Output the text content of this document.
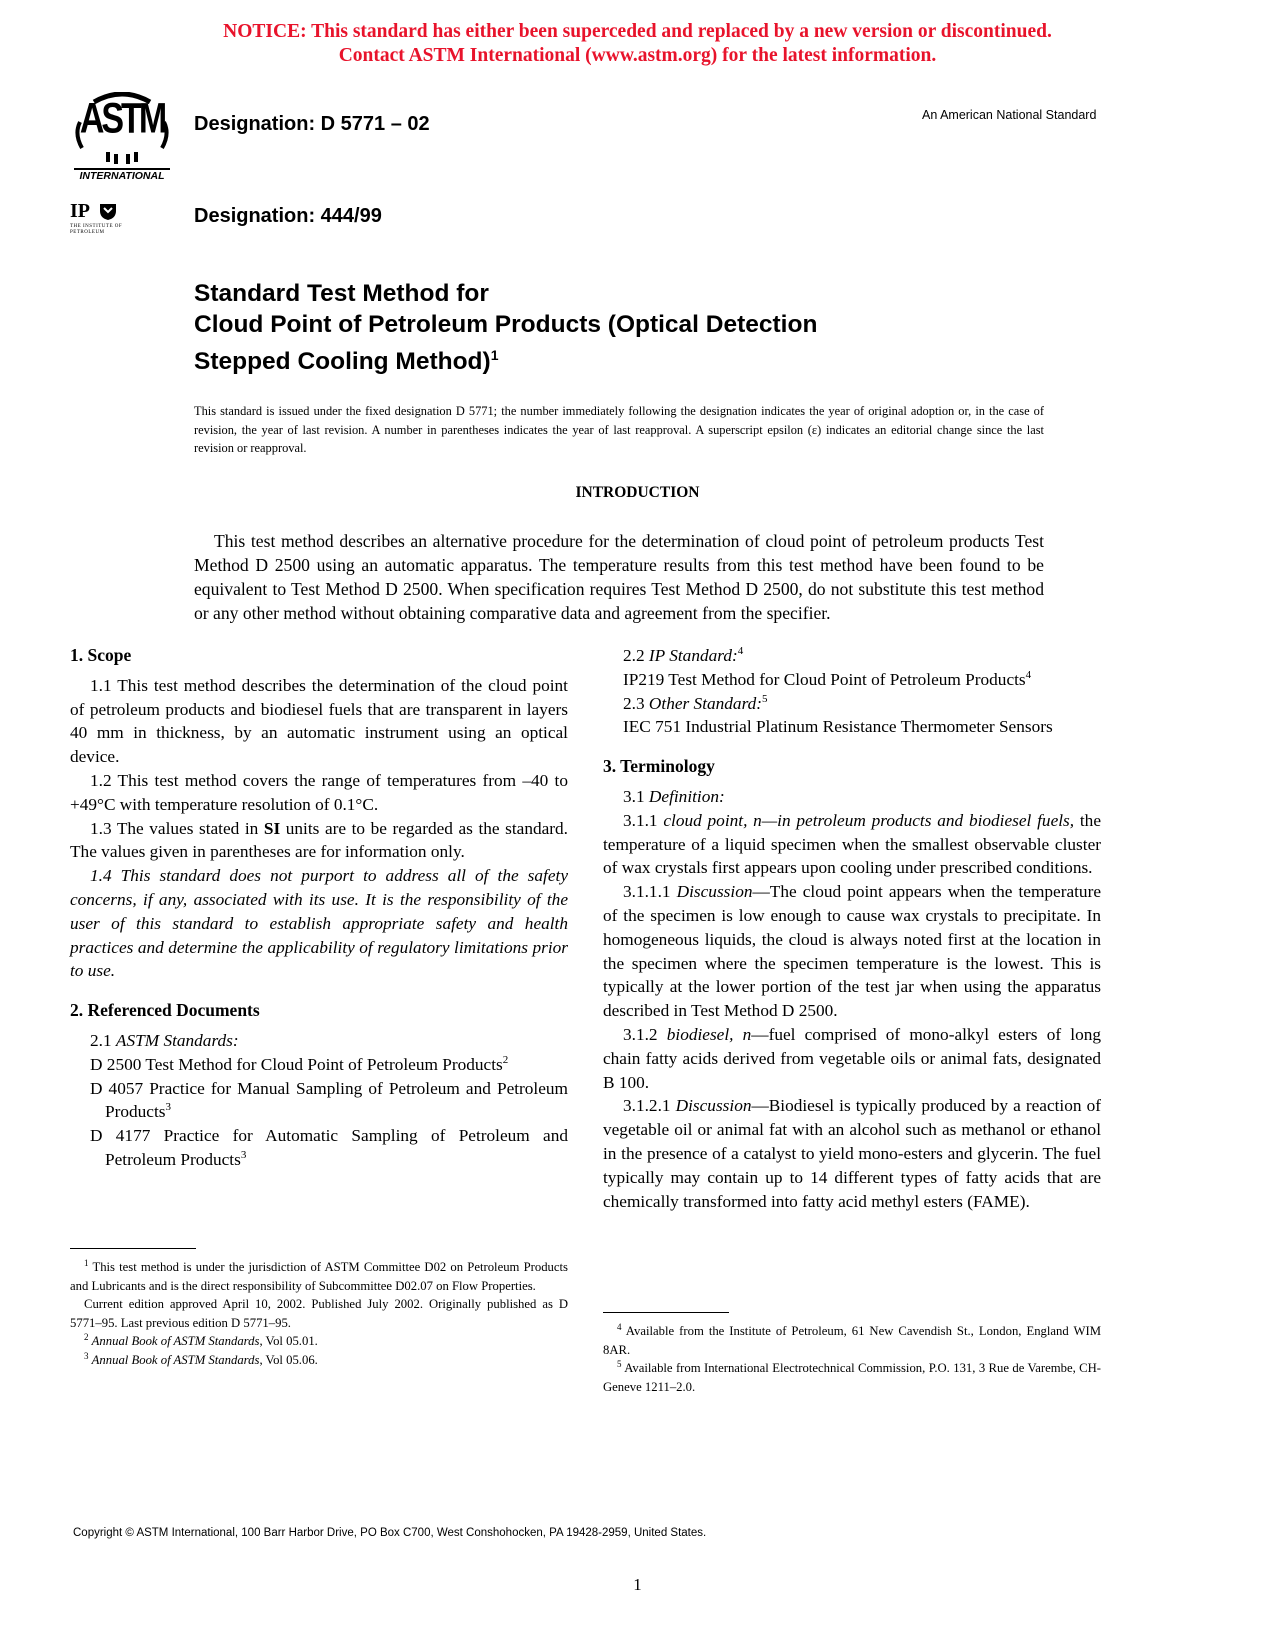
NOTICE: This standard has either been superceded and replaced by a new version or discontinued.
Contact ASTM International (www.astm.org) for the latest information.
ASTM
INTERNATIONAL
Designation: D 5771 – 02	An American National Standard
IP
THE INSTITUTE OF PETROLEUM
Designation: 444/99
Standard Test Method for
Cloud Point of Petroleum Products (Optical Detection
Stepped Cooling Method)$^1$
This standard is issued under the fixed designation D 5771; the number immediately following the designation indicates the year of original adoption or, in the case of revision, the year of last revision. A number in parentheses indicates the year of last reapproval. A superscript epsilon (ε) indicates an editorial change since the last revision or reapproval.
INTRODUCTION
This test method describes an alternative procedure for the determination of cloud point of petroleum products Test Method D 2500 using an automatic apparatus. The temperature results from this test method have been found to be equivalent to Test Method D 2500. When specification requires Test Method D 2500, do not substitute this test method or any other method without obtaining comparative data and agreement from the specifier.
1. Scope

1.1 This test method describes the determination of the cloud point of petroleum products and biodiesel fuels that are transparent in layers 40 mm in thickness, by an automatic instrument using an optical device.

1.2 This test method covers the range of temperatures from –40 to +49°C with temperature resolution of 0.1°C.

1.3 The values stated in SI units are to be regarded as the standard. The values given in parentheses are for information only.

1.4 This standard does not purport to address all of the safety concerns, if any, associated with its use. It is the responsibility of the user of this standard to establish appropriate safety and health practices and determine the applicability of regulatory limitations prior to use.

2. Referenced Documents

2.1 ASTM Standards:

D 2500 Test Method for Cloud Point of Petroleum Products$^2$
D 4057 Practice for Manual Sampling of Petroleum and Petroleum Products$^3$
D 4177 Practice for Automatic Sampling of Petroleum and Petroleum Products$^3$

$^1$ This test method is under the jurisdiction of ASTM Committee D02 on Petroleum Products and Lubricants and is the direct responsibility of Subcommittee D02.07 on Flow Properties.

Current edition approved April 10, 2002. Published July 2002. Originally published as D 5771–95. Last previous edition D 5771–95.

$^2$ Annual Book of ASTM Standards, Vol 05.01.

$^3$ Annual Book of ASTM Standards, Vol 05.06.

2.2 IP Standard:$^4$

IP219 Test Method for Cloud Point of Petroleum Products$^4$

2.3 Other Standard:$^5$

IEC 751 Industrial Platinum Resistance Thermometer Sensors
3. Terminology

3.1 Definition:

3.1.1 cloud point, n—in petroleum products and biodiesel fuels, the temperature of a liquid specimen when the smallest observable cluster of wax crystals first appears upon cooling under prescribed conditions.

3.1.1.1 Discussion—The cloud point appears when the temperature of the specimen is low enough to cause wax crystals to precipitate. In homogeneous liquids, the cloud is always noted first at the location in the specimen where the specimen temperature is the lowest. This is typically at the lower portion of the test jar when using the apparatus described in Test Method D 2500.

3.1.2 biodiesel, n—fuel comprised of mono-alkyl esters of long chain fatty acids derived from vegetable oils or animal fats, designated B 100.

3.1.2.1 Discussion—Biodiesel is typically produced by a reaction of vegetable oil or animal fat with an alcohol such as methanol or ethanol in the presence of a catalyst to yield mono-esters and glycerin. The fuel typically may contain up to 14 different types of fatty acids that are chemically transformed into fatty acid methyl esters (FAME).

$^4$ Available from the Institute of Petroleum, 61 New Cavendish St., London, England WIM 8AR.

$^5$ Available from International Electrotechnical Commission, P.O. 131, 3 Rue de Varembe, CH-Geneve 1211–2.0.

Copyright © ASTM International, 100 Barr Harbor Drive, PO Box C700, West Conshohocken, PA 19428-2959, United States.
1
